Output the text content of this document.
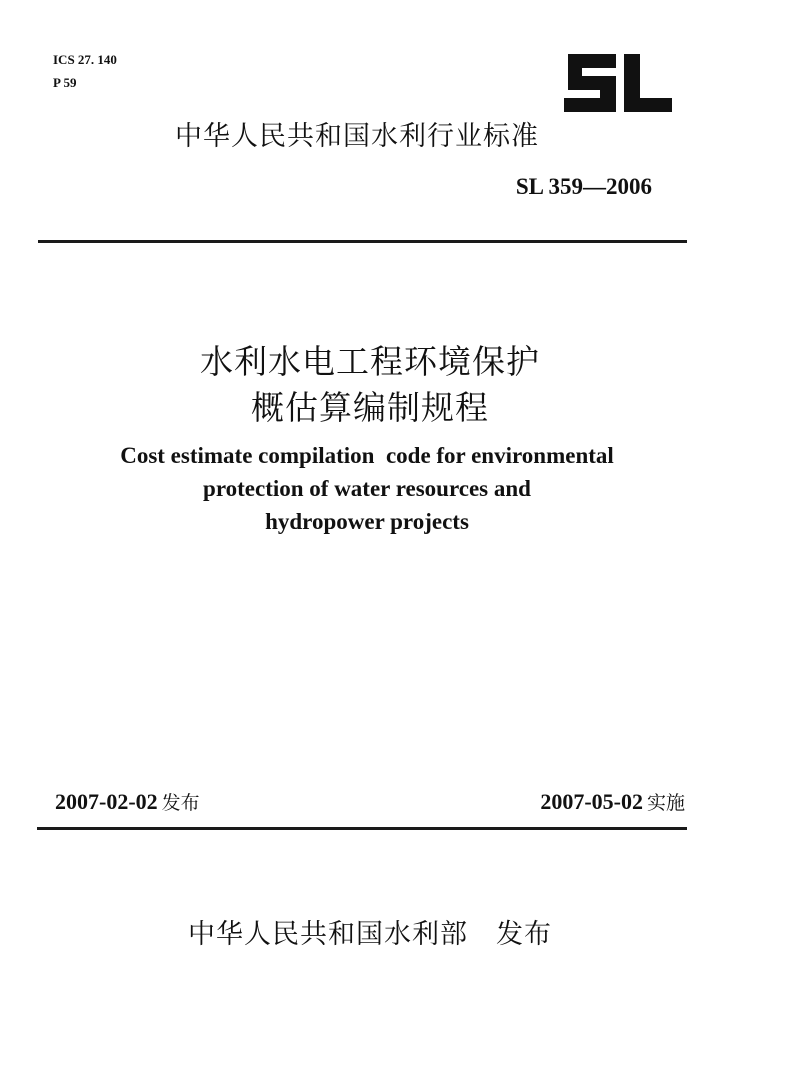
ICS 27. 140
P 59
中华人民共和国水利行业标准
SL 359—2006
水利水电工程环境保护
概估算编制规程
Cost estimate compilation  code for environmental
protection of water resources and
hydropower projects
2007-02-02 发布	2007-05-02 实施
中华人民共和国水利部 发布
